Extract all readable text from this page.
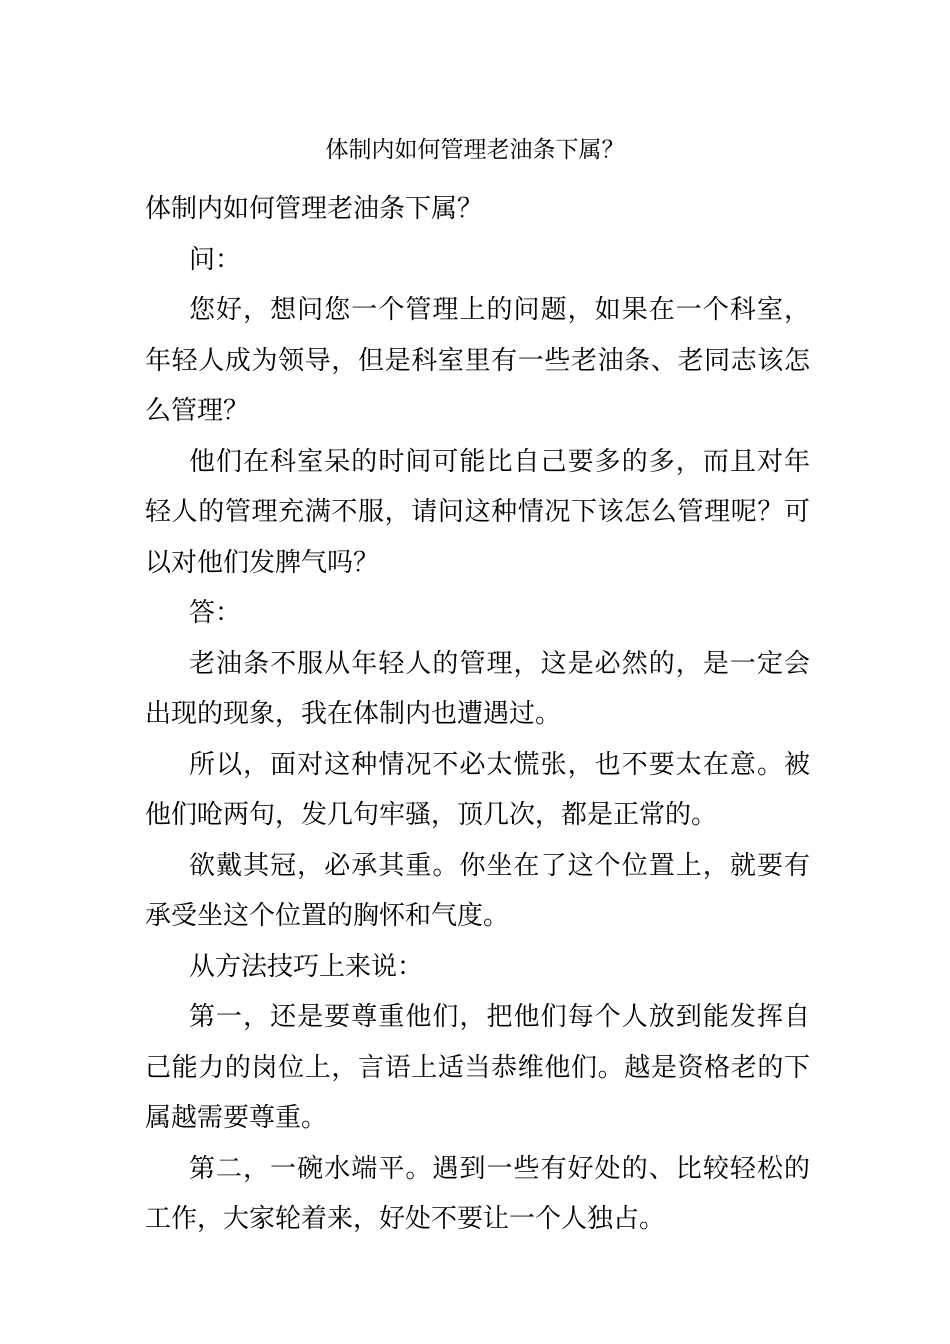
体制内如何管理老油条下属？

体制内如何管理老油条下属？

问：

您好，想问您一个管理上的问题，如果在一个科室，年轻人成为领导，但是科室里有一些老油条、老同志该怎么管理？

他们在科室呆的时间可能比自己要多的多，而且对年轻人的管理充满不服，请问这种情况下该怎么管理呢？可以对他们发脾气吗？

答：

老油条不服从年轻人的管理，这是必然的，是一定会出现的现象，我在体制内也遭遇过。

所以，面对这种情况不必太慌张，也不要太在意。被他们呛两句，发几句牢骚，顶几次，都是正常的。

欲戴其冠，必承其重。你坐在了这个位置上，就要有承受坐这个位置的胸怀和气度。

从方法技巧上来说：

第一，还是要尊重他们，把他们每个人放到能发挥自己能力的岗位上，言语上适当恭维他们。越是资格老的下属越需要尊重。

第二，一碗水端平。遇到一些有好处的、比较轻松的工作，大家轮着来，好处不要让一个人独占。
